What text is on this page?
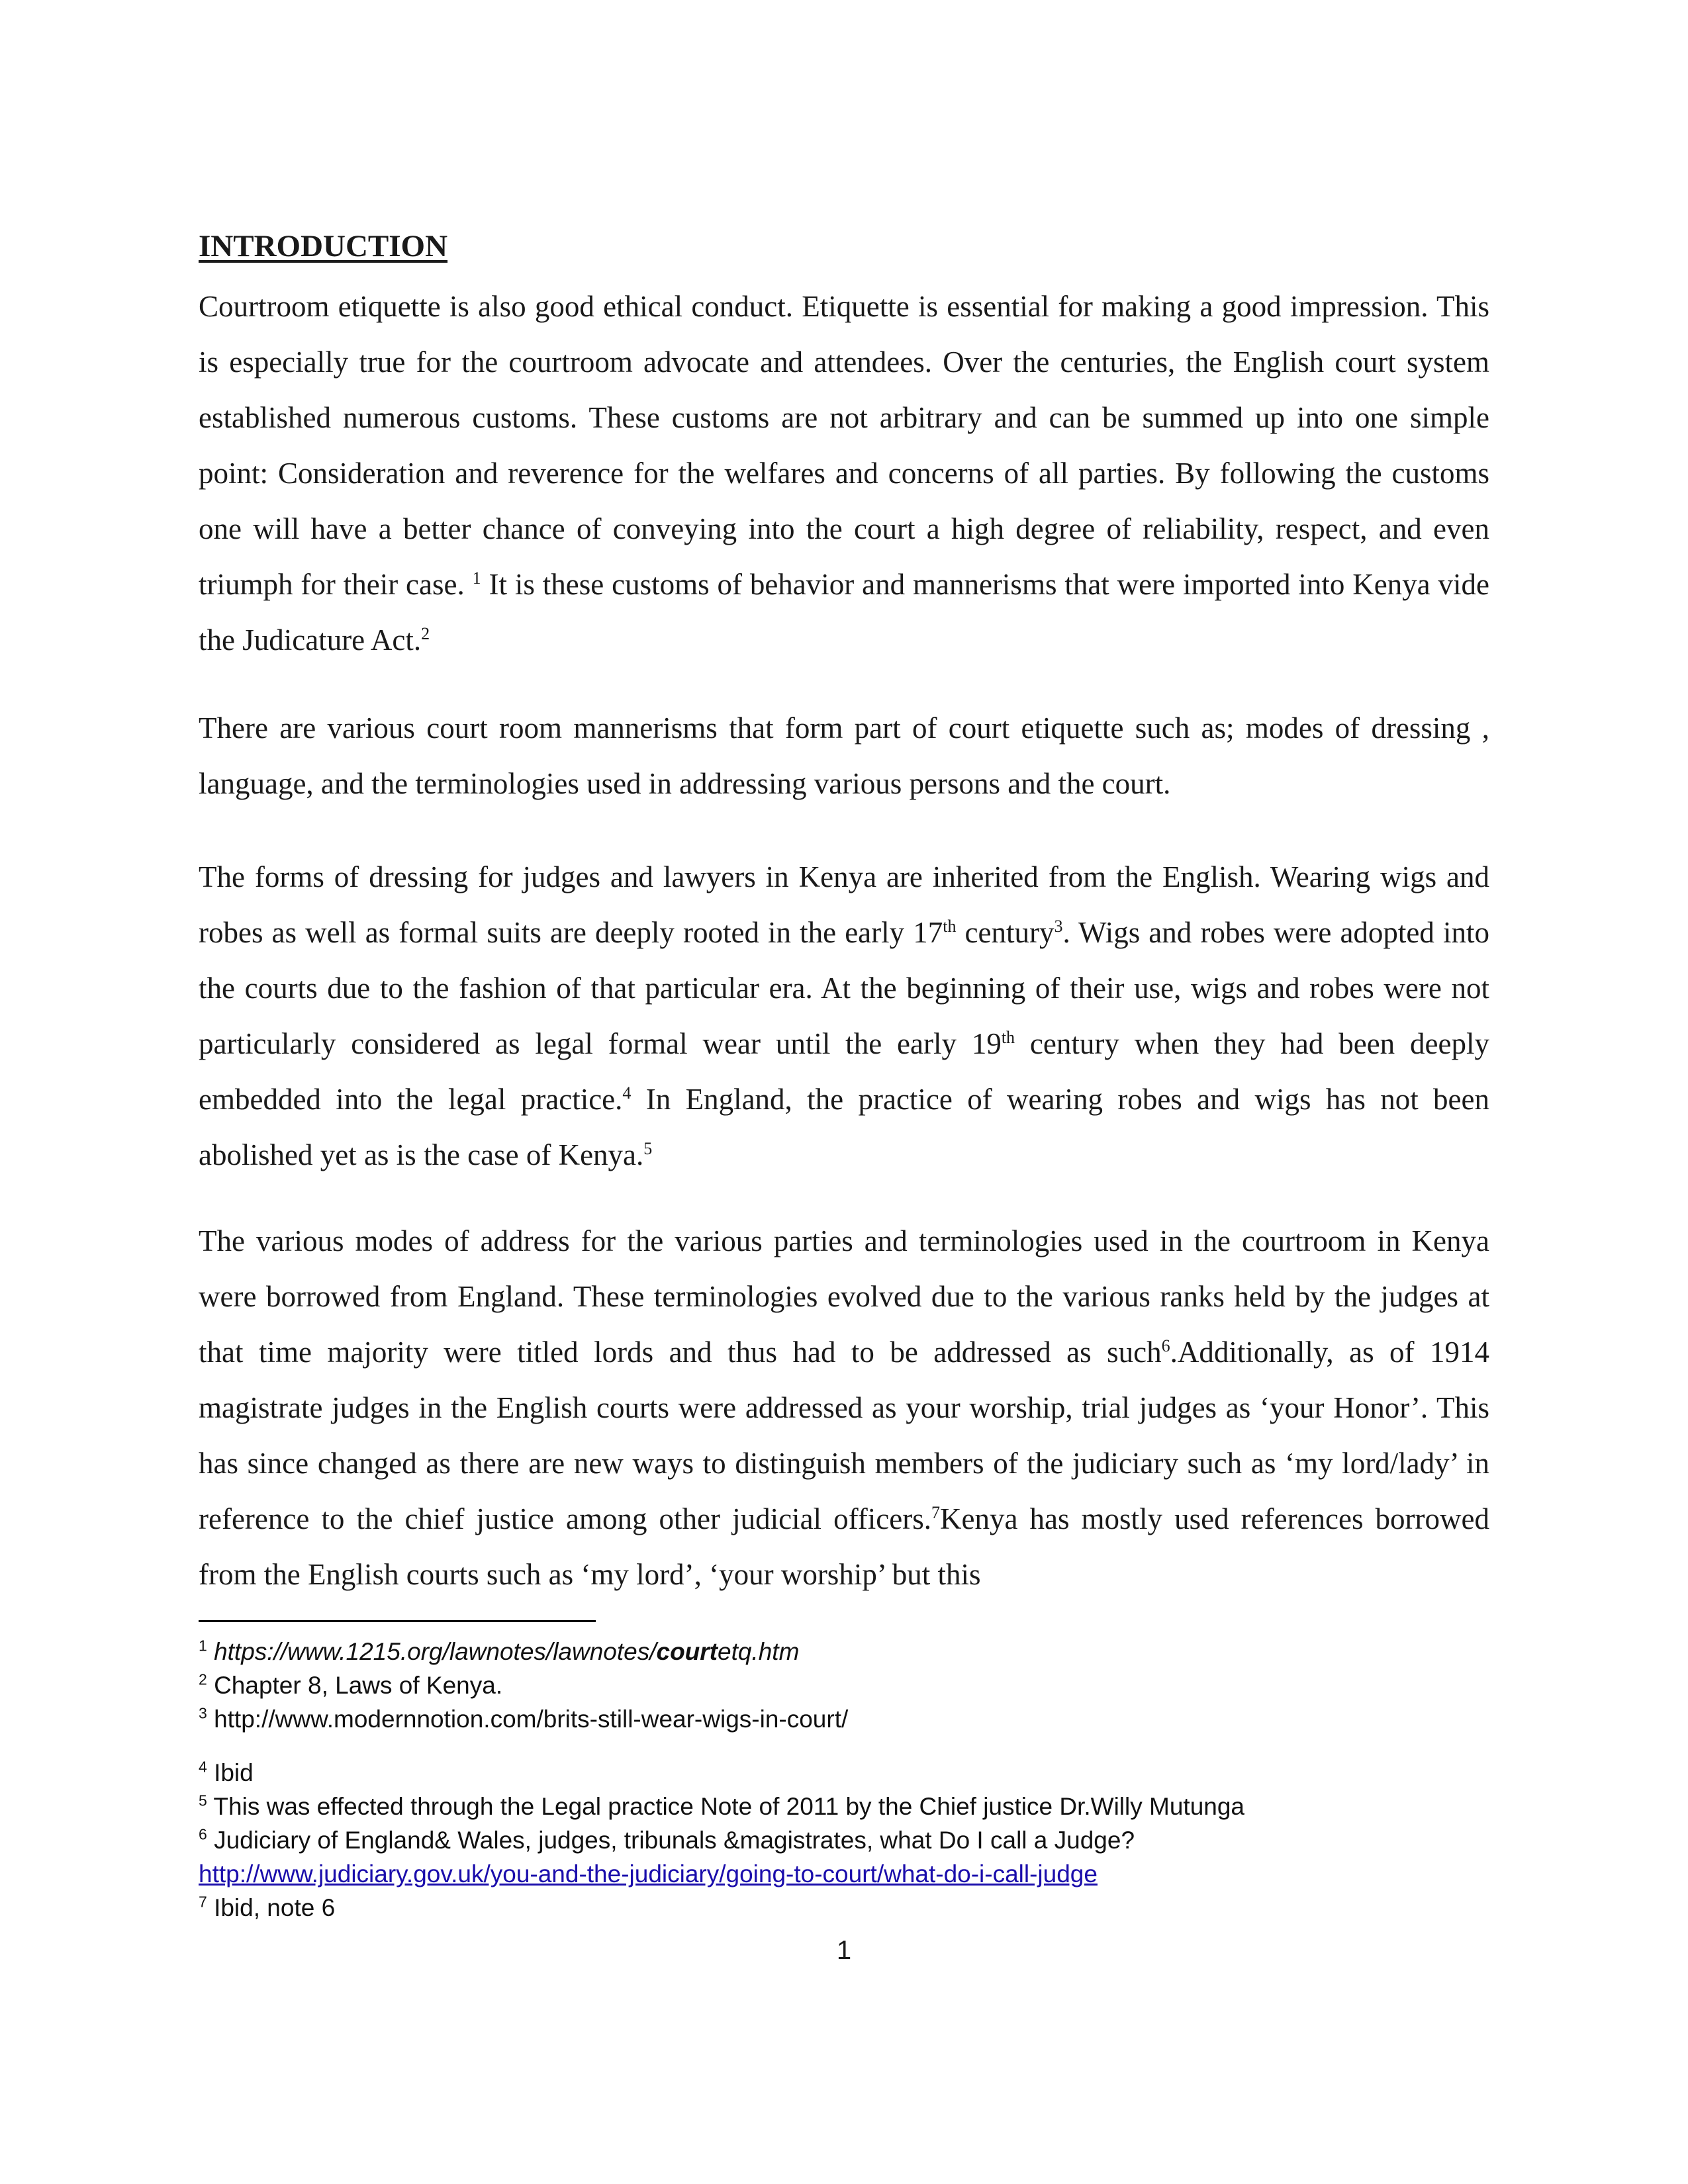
INTRODUCTION

Courtroom etiquette is also good ethical conduct. Etiquette is essential for making a good impression. This is especially true for the courtroom advocate and attendees. Over the centuries, the English court system established numerous customs. These customs are not arbitrary and can be summed up into one simple point: Consideration and reverence for the welfares and concerns of all parties. By following the customs one will have a better chance of conveying into the court a high degree of reliability, respect, and even triumph for their case. $^1$ It is these customs of behavior and mannerisms that were imported into Kenya vide the Judicature Act.$^2$

There are various court room mannerisms that form part of court etiquette such as; modes of dressing , language, and the terminologies used in addressing various persons and the court.

The forms of dressing for judges and lawyers in Kenya are inherited from the English. Wearing wigs and robes as well as formal suits are deeply rooted in the early 17th century$^3$. Wigs and robes were adopted into the courts due to the fashion of that particular era. At the beginning of their use, wigs and robes were not particularly considered as legal formal wear until the early 19th century when they had been deeply embedded into the legal practice.$^4$ In England, the practice of wearing robes and wigs has not been abolished yet as is the case of Kenya.$^5$

The various modes of address for the various parties and terminologies used in the courtroom in Kenya were borrowed from England. These terminologies evolved due to the various ranks held by the judges at that time majority were titled lords and thus had to be addressed as such$^6$.Additionally, as of 1914 magistrate judges in the English courts were addressed as your worship, trial judges as ‘your Honor’. This has since changed as there are new ways to distinguish members of the judiciary such as ‘my lord/lady’ in reference to the chief justice among other judicial officers.$^7$Kenya has mostly used references borrowed from the English courts such as ‘my lord’, ‘your worship’ but this

$^1$ https://www.1215.org/lawnotes/lawnotes/courtetq.htm

$^2$ Chapter 8, Laws of Kenya.

$^3$ http://www.modernnotion.com/brits-still-wear-wigs-in-court/

$^4$ Ibid

$^5$ This was effected through the Legal practice Note of 2011 by the Chief justice Dr.Willy Mutunga

$^6$ Judiciary of England& Wales, judges, tribunals &magistrates, what Do I call a Judge?

http://www.judiciary.gov.uk/you-and-the-judiciary/going-to-court/what-do-i-call-judge

$^7$ Ibid, note 6

1
